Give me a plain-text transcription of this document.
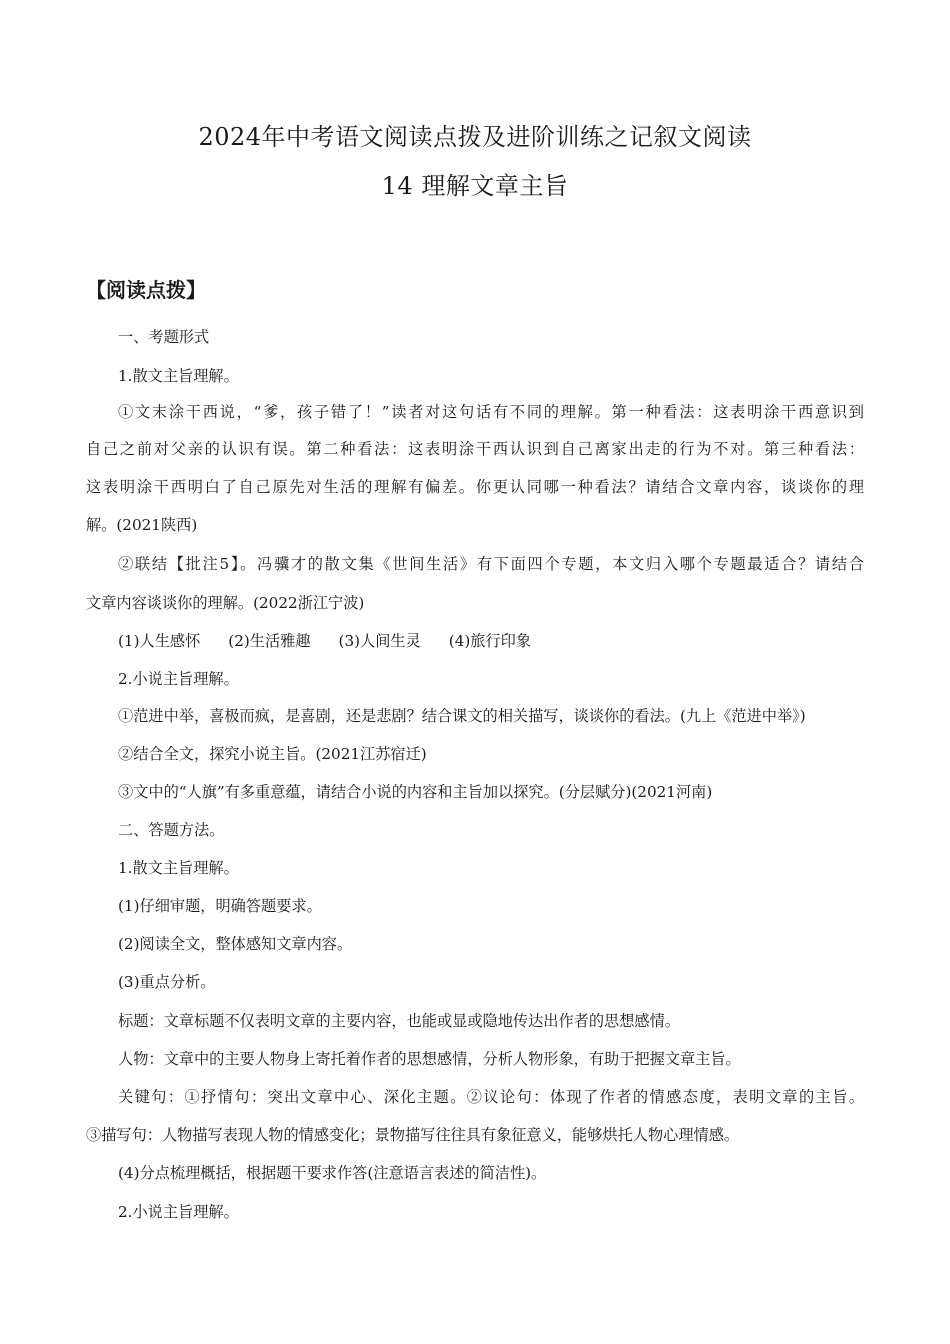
2024年中考语文阅读点拨及进阶训练之记叙文阅读
14 理解文章主旨
【阅读点拨】
一、考题形式
1.散文主旨理解。
①文末涂干西说，“爹，孩子错了！”读者对这句话有不同的理解。第一种看法：这表明涂干西意识到
自己之前对父亲的认识有误。第二种看法：这表明涂干西认识到自己离家出走的行为不对。第三种看法：
这表明涂干西明白了自己原先对生活的理解有偏差。你更认同哪一种看法？请结合文章内容，谈谈你的理
解。(2021陕西)
②联结【批注5】。冯骥才的散文集《世间生活》有下面四个专题，本文归入哪个专题最适合？请结合
文章内容谈谈你的理解。(2022浙江宁波)
(1)人生感怀 (2)生活雅趣 (3)人间生灵 (4)旅行印象
2.小说主旨理解。
①范进中举，喜极而疯，是喜剧，还是悲剧？结合课文的相关描写，谈谈你的看法。(九上《范进中举》)
②结合全文，探究小说主旨。(2021江苏宿迁)
③文中的“人旗”有多重意蕴，请结合小说的内容和主旨加以探究。(分层赋分)(2021河南)
二、答题方法。
1.散文主旨理解。
(1)仔细审题，明确答题要求。
(2)阅读全文，整体感知文章内容。
(3)重点分析。
标题：文章标题不仅表明文章的主要内容，也能或显或隐地传达出作者的思想感情。
人物：文章中的主要人物身上寄托着作者的思想感情，分析人物形象，有助于把握文章主旨。
关键句：①抒情句：突出文章中心、深化主题。②议论句：体现了作者的情感态度，表明文章的主旨。
③描写句：人物描写表现人物的情感变化；景物描写往往具有象征意义，能够烘托人物心理情感。
(4)分点梳理概括，根据题干要求作答(注意语言表述的简洁性)。
2.小说主旨理解。
